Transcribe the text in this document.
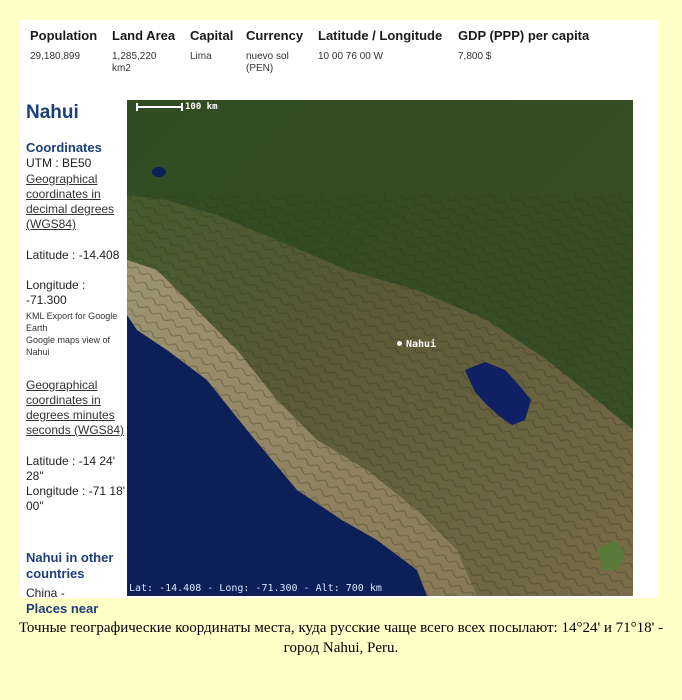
Population
29,180,899
Land Area
1,285,220
km2
Capital
Lima
Currency
nuevo sol
(PEN)
Latitude / Longitude
10 00 76 00 W
GDP (PPP) per capita
7,800 $
Nahui
Coordinates
UTM : BE50
Geographical coordinates in decimal degrees (WGS84)
Latitude : -14.408
Longitude : -71.300
KML Export for Google Earth
Google maps view of Nahui
Geographical coordinates in degrees minutes seconds (WGS84)
Latitude : -14 24' 28"
Longitude : -71 18' 00"
Nahui in other countries
China -
Places near
100 km
Nahui
Lat: -14.408 - Long: -71.300 - Alt: 700 km
Точные географические координаты места, куда русские чаще всего всех посылают: 14°24' и 71°18' - город Nahui, Peru.
